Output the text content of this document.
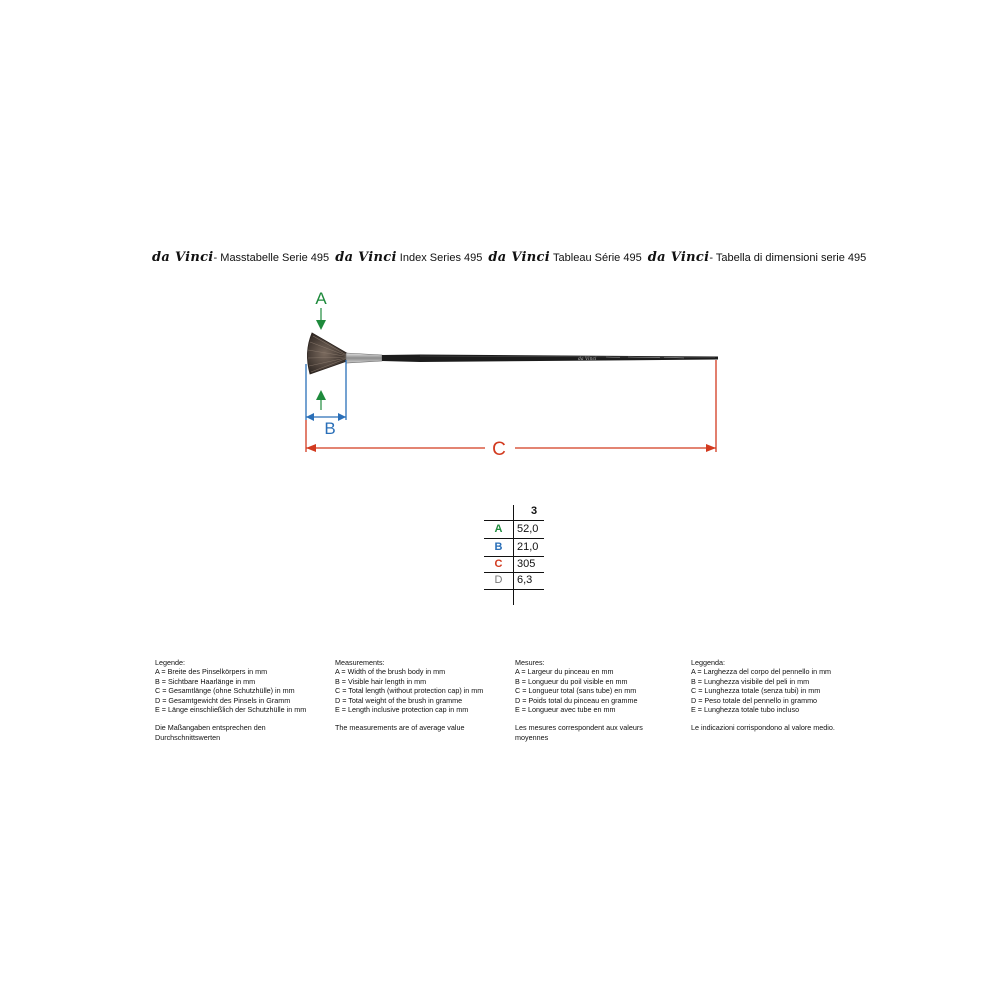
da Vinci- Masstabelle Serie 495 da Vinci Index Series 495 da Vinci Tableau Série 495 da Vinci- Tabella di dimensioni serie 495
da Vinci
A
B
C
3
A	52,0
B	21,0
C	305
D	6,3
Legende:
A = Breite des Pinselkörpers in mm
B = Sichtbare Haarlänge in mm
C = Gesamtlänge (ohne Schutzhülle) in mm
D = Gesamtgewicht des Pinsels in Gramm
E = Länge einschließlich der Schutzhülle in mm
Die Maßangaben entsprechen den Durchschnittswerten
Measurements:
A = Width of the brush body in mm
B = Visible hair length in mm
C = Total length (without protection cap) in mm
D = Total weight of the brush in gramme
E = Length inclusive protection cap in mm
The measurements are of average value
Mesures:
A = Largeur du pinceau en mm
B = Longueur du poil visible en mm
C = Longueur total (sans tube) en mm
D = Poids total du pinceau en gramme
E = Longueur avec tube en mm
Les mesures correspondent aux valeurs moyennes
Leggenda:
A = Larghezza del corpo del pennello in mm
B = Lunghezza visibile del peli in mm
C = Lunghezza totale (senza tubi) in mm
D = Peso totale del pennello in grammo
E = Lunghezza totale tubo incluso
Le indicazioni corrispondono al valore medio.
